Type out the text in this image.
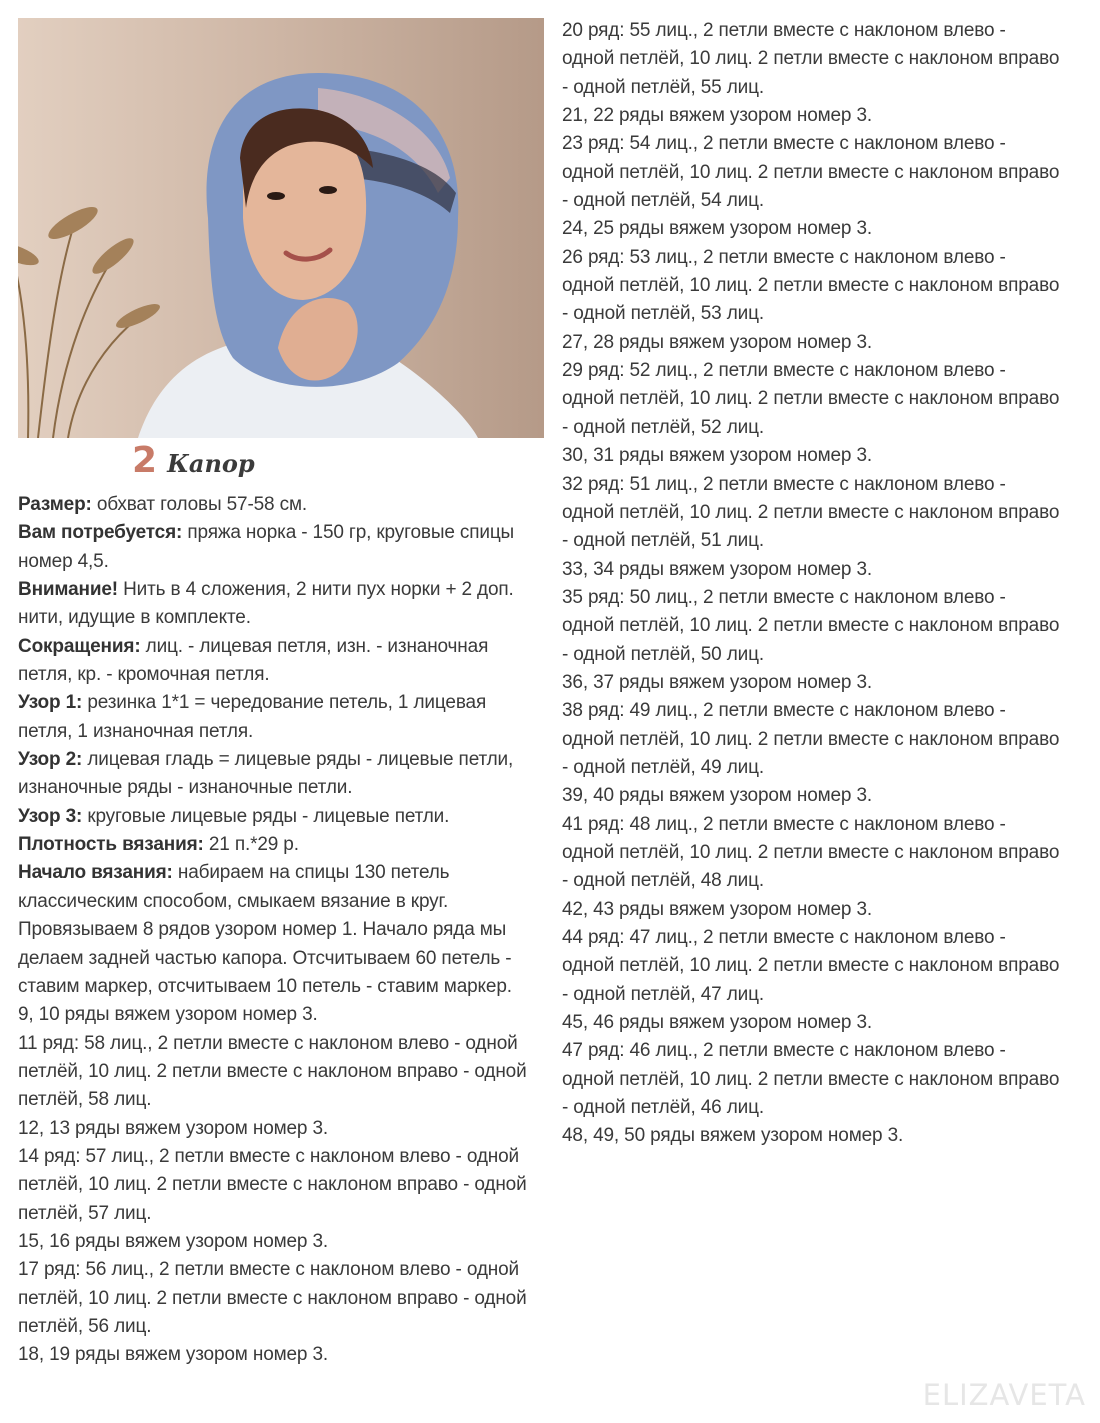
2 Капор

Размер: обхват головы 57-58 см.

Вам потребуется: пряжа норка - 150 гр, круговые спицы номер 4,5.

Внимание! Нить в 4 сложения, 2 нити пух норки + 2 доп. нити, идущие в комплекте.

Сокращения: лиц. - лицевая петля, изн. - изнаночная петля, кр. - кромочная петля.

Узор 1: резинка 1*1 = чередование петель, 1 лицевая петля, 1 изнаночная петля.

Узор 2: лицевая гладь = лицевые ряды - лицевые петли, изнаночные ряды - изнаночные петли.

Узор 3: круговые лицевые ряды - лицевые петли.

Плотность вязания: 21 п.*29 р.

Начало вязания: набираем на спицы 130 петель классическим способом, смыкаем вязание в круг. Провязываем 8 рядов узором номер 1. Начало ряда мы делаем задней частью капора. Отсчитываем 60 петель - ставим маркер, отсчитываем 10 петель - ставим маркер.

9, 10 ряды вяжем узором номер 3.

11 ряд: 58 лиц., 2 петли вместе с наклоном влево - одной петлёй, 10 лиц. 2 петли вместе с наклоном вправо - одной петлёй, 58 лиц.

12, 13 ряды вяжем узором номер 3.

14 ряд: 57 лиц., 2 петли вместе с наклоном влево - одной петлёй, 10 лиц. 2 петли вместе с наклоном вправо - одной петлёй, 57 лиц.

15, 16 ряды вяжем узором номер 3.

17 ряд: 56 лиц., 2 петли вместе с наклоном влево - одной петлёй, 10 лиц. 2 петли вместе с наклоном вправо - одной петлёй, 56 лиц.

18, 19 ряды вяжем узором номер 3.

20 ряд: 55 лиц., 2 петли вместе с наклоном влево - одной петлёй, 10 лиц. 2 петли вместе с наклоном вправо - одной петлёй, 55 лиц.

21, 22 ряды вяжем узором номер 3.

23 ряд: 54 лиц., 2 петли вместе с наклоном влево - одной петлёй, 10 лиц. 2 петли вместе с наклоном вправо - одной петлёй, 54 лиц.

24, 25 ряды вяжем узором номер 3.

26 ряд: 53 лиц., 2 петли вместе с наклоном влево - одной петлёй, 10 лиц. 2 петли вместе с наклоном вправо - одной петлёй, 53 лиц.

27, 28 ряды вяжем узором номер 3.

29 ряд: 52 лиц., 2 петли вместе с наклоном влево - одной петлёй, 10 лиц. 2 петли вместе с наклоном вправо - одной петлёй, 52 лиц.

30, 31 ряды вяжем узором номер 3.

32 ряд: 51 лиц., 2 петли вместе с наклоном влево - одной петлёй, 10 лиц. 2 петли вместе с наклоном вправо - одной петлёй, 51 лиц.

33, 34 ряды вяжем узором номер 3.

35 ряд: 50 лиц., 2 петли вместе с наклоном влево - одной петлёй, 10 лиц. 2 петли вместе с наклоном вправо - одной петлёй, 50 лиц.

36, 37 ряды вяжем узором номер 3.

38 ряд: 49 лиц., 2 петли вместе с наклоном влево - одной петлёй, 10 лиц. 2 петли вместе с наклоном вправо - одной петлёй, 49 лиц.

39, 40 ряды вяжем узором номер 3.

41 ряд: 48 лиц., 2 петли вместе с наклоном влево - одной петлёй, 10 лиц. 2 петли вместе с наклоном вправо - одной петлёй, 48 лиц.

42, 43 ряды вяжем узором номер 3.

44 ряд: 47 лиц., 2 петли вместе с наклоном влево - одной петлёй, 10 лиц. 2 петли вместе с наклоном вправо - одной петлёй, 47 лиц.

45, 46 ряды вяжем узором номер 3.

47 ряд: 46 лиц., 2 петли вместе с наклоном влево - одной петлёй, 10 лиц. 2 петли вместе с наклоном вправо - одной петлёй, 46 лиц.

48, 49, 50 ряды вяжем узором номер 3.

ELIZAVETA
